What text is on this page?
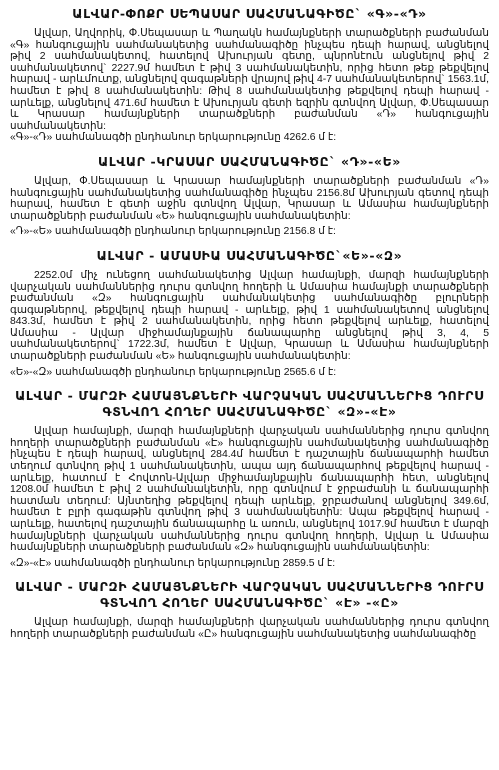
ԱԼՎԱՐ-ՓՈՔՐ ՍԵՊԱՍԱՐ ՍԱՀՄԱՆԱԳԻԾԸ` «Գ»-«Դ»

Ալվար, Աղվորիկ, Փ.Սեպասար և Պաղակն համայնքների տարածքների բաժանման «Գ» հանգուցային սահմանակետից սահմանագիծը ինչպես դեպի հարավ, անցնելով թիվ 2 սահմանակետով, հատելով Ախուրյան գետը, պնրոնէուն անցնելով թիվ 2 սահմանակետով` 2227.9մ համետ է թիվ 3 սահմանակետին, որից հետո թեք թեքվելով հարավ - արևմուտք, անցնելով զագաթների վրայով թիվ 4-7 սահմանակետերով` 1563.1մ, համետ է թիվ 8 սահմանակետին: Թիվ 8 սահմանակետից թեքվելով դեպի հարավ - արևելք, անցնելով 471.6մ համետ է Ախուրյան գետի եզրին գտնվող Ալվար, Փ.Սեպասար և Կրասար համայնքների տարածքների բաժանման «Դ» հանգուցային սահմանակետին:

«Գ»-«Դ» սահմանագծի ընդհանուր երկարությունը 4262.6 մ է:

ԱԼՎԱՐ -ԿՐԱՍԱՐ ՍԱՀՄԱՆԱԳԻԾԸ` «Դ»-«Ե»

Ալվար, Փ.Սեպասար և Կրասար համայնքների տարածքների բաժանման «Դ» հանգուցային սահմանակետից սահմանագիծը ինչպես 2156.8մ Ախուրյան գետով դեպի հարավ, համետ է գետի աջին գտնվող Ալվար, Կրասար և Ամասիա համայնքների տարածքների բաժանման «Ե» հանգուցային սահմանակետին:

«Դ»-«Ե» սահմանագծի ընդհանուր երկարությունը 2156.8 մ է:

ԱԼՎԱՐ - ԱՄԱՍԻԱ ՍԱՀՄԱՆԱԳԻԾԸ`«Ե»-«Զ»

2252.0մ միչ ունեցող սահմանակետից Ալվար համայնքի, մարզի համայնքների վարչական սահմաններից դուրս գտնվող հողերի և Ամասիա համայնքի տարածքների բաժանման «Զ» հանգուցային սահմանակետից սահմանագիծը բլուրների գագաթներով, թեքվելով դեպի հարավ - արևելք, թիվ 1 սահմանակետով անցնելով 843.3մ, համետ է թիվ 2 սահմանակետին, որից հետո թեքվելով արևելք, հատելով Ամասիա - Ալվար միջհամայնքային ճանապարհը անցնելով թիվ 3, 4, 5 սահմանակետերով` 1722.3մ, համետ է Ալվար, Կրասար և Ամասիա համայնքների տարածքների բաժանման «Ե» հանգուցային սահմանակետին:

«Ե»-«Զ» սահմանագծի ընդհանուր երկարությունը 2565.6 մ է:

ԱԼՎԱՐ - ՄԱՐԶԻ ՀԱՄԱՅՆՔՆԵՐԻ ՎԱՐՉԱԿԱՆ ՍԱՀՄԱՆՆԵՐԻՑ ԴՈՒՐՍ ԳՏՆՎՈՂ ՀՈՂԵՐ ՍԱՀՄԱՆԱԳԻԾԸ` «Զ»-«Է»

Ալվար համայնքի, մարզի համայնքների վարչական սահմաններից դուրս գտնվող հողերի տարածքների բաժանման «Է» հանգուցային սահմանակետից սահմանագիծը ինչպես է դեպի հարավ, անցնելով 284.4մ համետ է դաշտային ճանապարհի համետ տեղում գտնվող թիվ 1 սահմանակետին, ապա այդ ճանապարհով թեքվելով հարավ - արևելք, հատում է Հովտոն-Ալվար միջհամայնքային ճանապարհի հետ, անցնելով 1208.0մ համետ է թիվ 2 սահմանակետին, որը գտնվում է ջրբաժանի և ճանապարհի հատման տեղում: Այնտեղից թեքվելով դեպի արևելք, ջրբաժանով անցնելով 349.6մ, համետ է բլրի գագաթին գտնվող թիվ 3 սահմանակետին: Ապա թեքվելով հարավ - արևելք, հատելով դաշտային ճանապարհը և առուն, անցնելով 1017.9մ համետ է մարզի համայնքների վարչական սահմաններից դուրս գտնվող հողերի, Ալվար և Ամասիա համայնքների տարածքների բաժանման «Զ» հանգուցային սահմանակետին:

«Զ»-«Է» սահմանագծի ընդհանուր երկարությունը 2859.5 մ է:

ԱԼՎԱՐ - ՄԱՐԶԻ ՀԱՄԱՅՆՔՆԵՐԻ ՎԱՐՉԱԿԱՆ ՍԱՀՄԱՆՆԵՐԻՑ ԴՈՒՐՍ ԳՏՆՎՈՂ ՀՈՂԵՐ ՍԱՀՄԱՆԱԳԻԾԸ` «Է» -«Ը»

Ալվար համայնքի, մարզի համայնքների վարչական սահմաններից դուրս գտնվող հողերի տարածքների բաժանման «Ը» հանգուցային սահմանակետից սահմանագիծը
